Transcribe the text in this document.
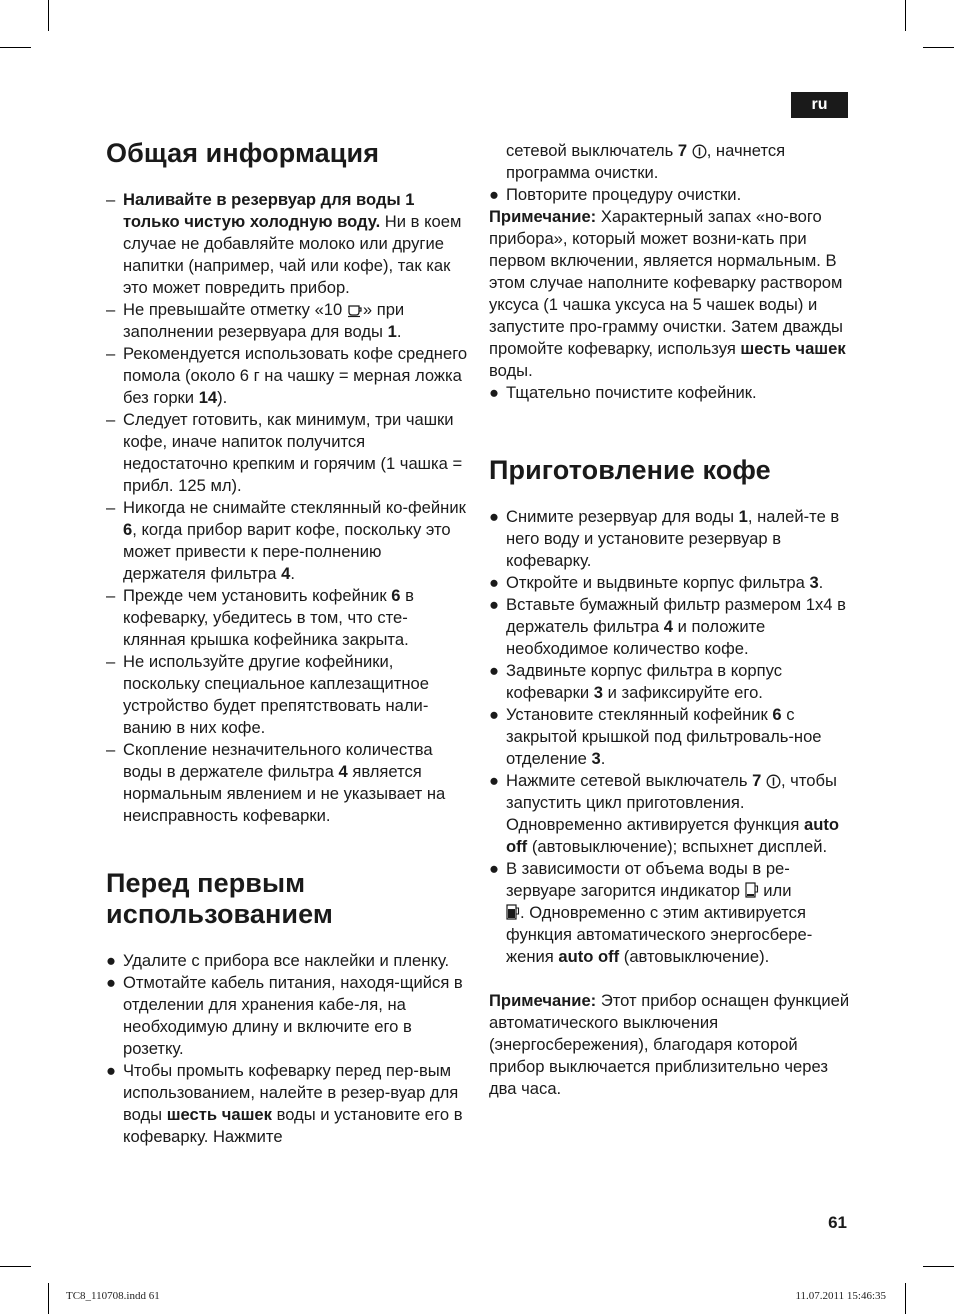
ru
Общая информация
– Наливайте в резервуар для воды 1 только чистую холодную воду. Ни в коем случае не добавляйте молоко или другие напитки (например, чай или кофе), так как это может повредить прибор.
– Не превышайте отметку «10 » при заполнении резервуара для воды 1.
– Рекомендуется использовать кофе среднего помола (около 6 г на чашку = мерная ложка без горки 14).
– Следует готовить, как минимум, три чашки кофе, иначе напиток получится недостаточно крепким и горячим (1 чашка = прибл. 125 мл).
– Никогда не снимайте стеклянный ко-фейник 6, когда прибор варит кофе, поскольку это может привести к пере-полнению держателя фильтра 4.
– Прежде чем установить кофейник 6 в кофеварку, убедитесь в том, что сте-клянная крышка кофейника закрыта.
– Не используйте другие кофейники, поскольку специальное каплезащитное устройство будет препятствовать нали-ванию в них кофе.
– Скопление незначительного количества воды в держателе фильтра 4 является нормальным явлением и не указывает на неисправность кофеварки.
Перед первым использованием
● Удалите с прибора все наклейки и пленку.
● Отмотайте кабель питания, находя-щийся в отделении для хранения кабе-ля, на необходимую длину и включите его в розетку.
● Чтобы промыть кофеварку перед пер-вым использованием, налейте в резер-вуар для воды шесть чашек воды и установите его в кофеварку. Нажмите
сетевой выключатель 7 , начнется программа очистки.
● Повторите процедуру очистки.
Примечание: Характерный запах «но-вого прибора», который может возни-кать при первом включении, является нормальным. В этом случае наполните кофеварку раствором уксуса (1 чашка уксуса на 5 чашек воды) и запустите про-грамму очистки. Затем дважды промойте кофеварку, используя шесть чашек воды.
● Тщательно почистите кофейник.
Приготовление кофе
● Снимите резервуар для воды 1, налей-те в него воду и установите резервуар в кофеварку.
● Откройте и выдвиньте корпус фильтра 3.
● Вставьте бумажный фильтр размером 1x4 в держатель фильтра 4 и положите необходимое количество кофе.
● Задвиньте корпус фильтра в корпус кофеварки 3 и зафиксируйте его.
● Установите стеклянный кофейник 6 с закрытой крышкой под фильтроваль-ное отделение 3.
● Нажмите сетевой выключатель 7 , чтобы запустить цикл приготовления. Одновременно активируется функция auto off (автовыключение); вспыхнет дисплей.
● В зависимости от объема воды в ре-зервуаре загорится индикатор  или
. Одновременно с этим активируется функция автоматического энергосбере-жения auto off (автовыключение).
Примечание: Этот прибор оснащен функцией автоматического выключения (энергосбережения), благодаря которой прибор выключается приблизительно через два часа.
61
TC8_110708.indd 61	11.07.2011 15:46:35
